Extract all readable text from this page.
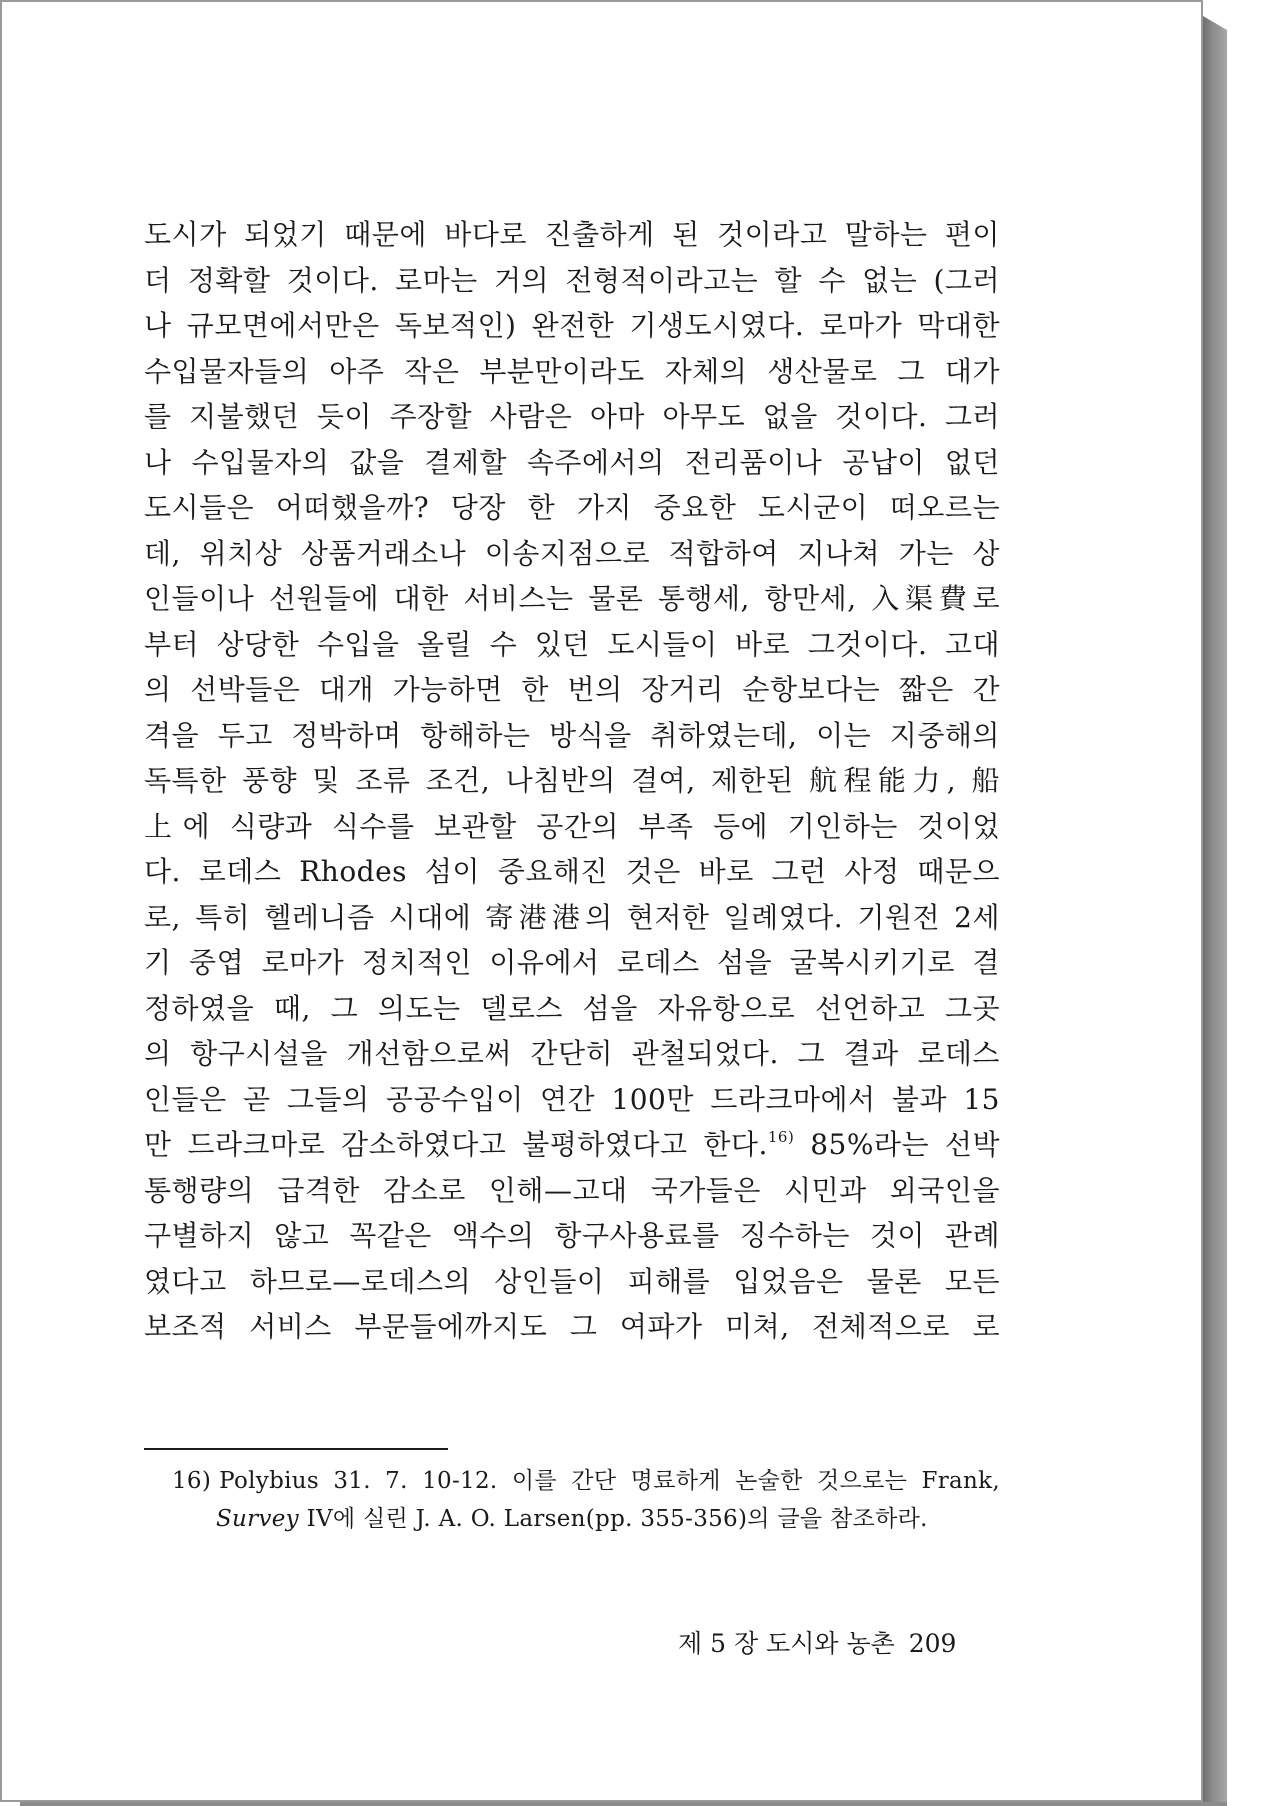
도시가 되었기 때문에 바다로 진출하게 된 것이라고 말하는 편이
더 정확할 것이다. 로마는 거의 전형적이라고는 할 수 없는 (그러
나 규모면에서만은 독보적인) 완전한 기생도시였다. 로마가 막대한
수입물자들의 아주 작은 부분만이라도 자체의 생산물로 그 대가
를 지불했던 듯이 주장할 사람은 아마 아무도 없을 것이다. 그러
나 수입물자의 값을 결제할 속주에서의 전리품이나 공납이 없던
도시들은 어떠했을까? 당장 한 가지 중요한 도시군이 떠오르는
데, 위치상 상품거래소나 이송지점으로 적합하여 지나쳐 가는 상
인들이나 선원들에 대한 서비스는 물론 통행세, 항만세, 入渠費로
부터 상당한 수입을 올릴 수 있던 도시들이 바로 그것이다. 고대
의 선박들은 대개 가능하면 한 번의 장거리 순항보다는 짧은 간
격을 두고 정박하며 항해하는 방식을 취하였는데, 이는 지중해의
독특한 풍향 및 조류 조건, 나침반의 결여, 제한된 航程能力, 船
上에 식량과 식수를 보관할 공간의 부족 등에 기인하는 것이었
다. 로데스 Rhodes 섬이 중요해진 것은 바로 그런 사정 때문으
로, 특히 헬레니즘 시대에 寄港港의 현저한 일례였다. 기원전 2세
기 중엽 로마가 정치적인 이유에서 로데스 섬을 굴복시키기로 결
정하였을 때, 그 의도는 델로스 섬을 자유항으로 선언하고 그곳
의 항구시설을 개선함으로써 간단히 관철되었다. 그 결과 로데스
인들은 곧 그들의 공공수입이 연간 100만 드라크마에서 불과 15
만 드라크마로 감소하였다고 불평하였다고 한다.$^{16)}$ 85%라는 선박
통행량의 급격한 감소로 인해—고대 국가들은 시민과 외국인을
구별하지 않고 꼭같은 액수의 항구사용료를 징수하는 것이 관례
였다고 하므로—로데스의 상인들이 피해를 입었음은 물론 모든
보조적 서비스 부문들에까지도 그 여파가 미쳐, 전체적으로 로
16) Polybius 31. 7. 10-12. 이를 간단 명료하게 논술한 것으로는 Frank,
Survey IV에 실린 J. A. O. Larsen(pp. 355-356)의 글을 참조하라.
제 5 장 도시와 농촌 209
